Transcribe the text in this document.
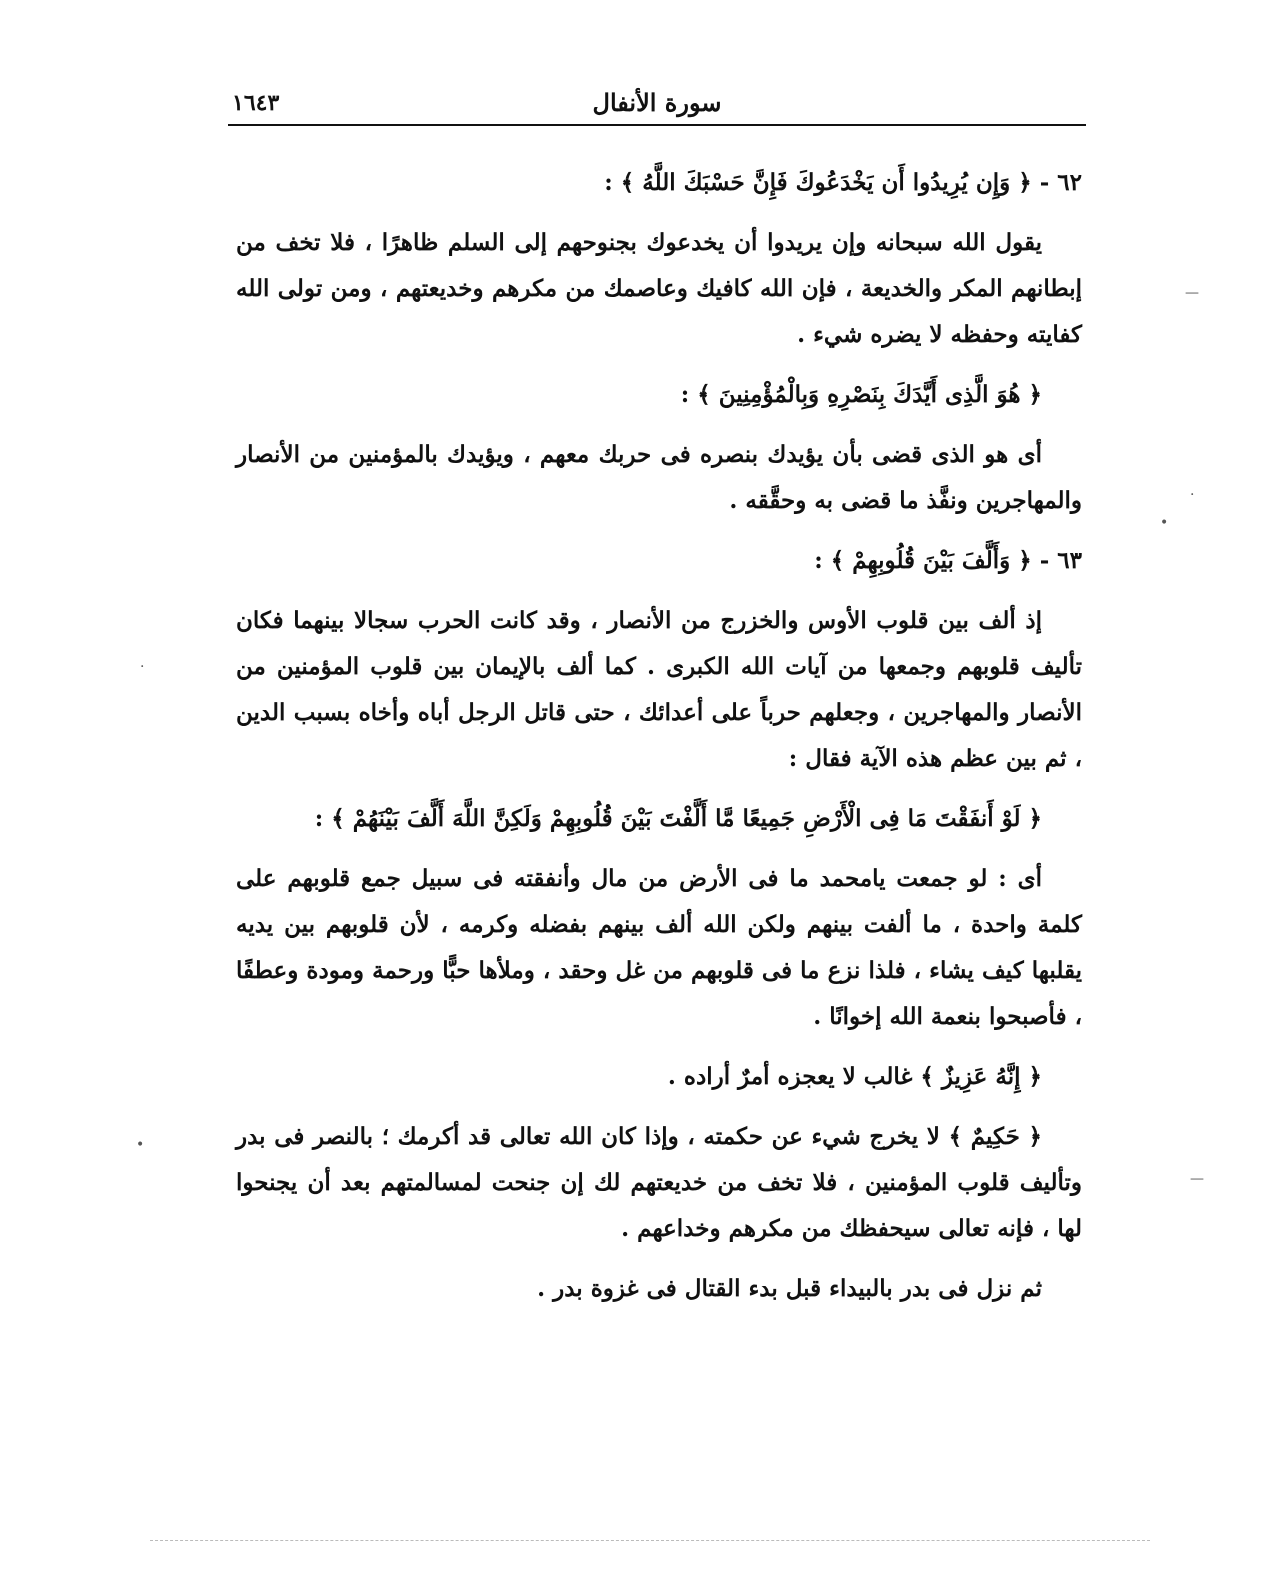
سورة الأنفال
١٦٤٣

٦٢ - ﴿ وَإِن يُرِيدُوا أَن يَخْدَعُوكَ فَإِنَّ حَسْبَكَ اللَّهُ ﴾ :

يقول الله سبحانه وإن يريدوا أن يخدعوك بجنوحهم إلى السلم ظاهرًا ، فلا تخف من إبطانهم المكر والخديعة ، فإن الله كافيك وعاصمك من مكرهم وخديعتهم ، ومن تولى الله كفايته وحفظه لا يضره شيء .

﴿ هُوَ الَّذِى أَيَّدَكَ بِنَصْرِهِ وَبِالْمُؤْمِنِينَ ﴾ :

أى هو الذى قضى بأن يؤيدك بنصره فى حربك معهم ، ويؤيدك بالمؤمنين من الأنصار والمهاجرين ونفَّذ ما قضى به وحقَّقه .

٦٣ - ﴿ وَأَلَّفَ بَيْنَ قُلُوبِهِمْ ﴾ :

إذ ألف بين قلوب الأوس والخزرج من الأنصار ، وقد كانت الحرب سجالا بينهما فكان تأليف قلوبهم وجمعها من آيات الله الكبرى . كما ألف بالإيمان بين قلوب المؤمنين من الأنصار والمهاجرين ، وجعلهم حرباً على أعدائك ، حتى قاتل الرجل أباه وأخاه بسبب الدين ، ثم بين عظم هذه الآية فقال :

﴿ لَوْ أَنفَقْتَ مَا فِى الْأَرْضِ جَمِيعًا مَّا أَلَّفْتَ بَيْنَ قُلُوبِهِمْ وَلَكِنَّ اللَّهَ أَلَّفَ بَيْنَهُمْ ﴾ :

أى : لو جمعت يامحمد ما فى الأرض من مال وأنفقته فى سبيل جمع قلوبهم على كلمة واحدة ، ما ألفت بينهم ولكن الله ألف بينهم بفضله وكرمه ، لأن قلوبهم بين يديه يقلبها كيف يشاء ، فلذا نزع ما فى قلوبهم من غل وحقد ، وملأها حبًّا ورحمة ومودة وعطفًا ، فأصبحوا بنعمة الله إخوانًا .

﴿ إِنَّهُ عَزِيزٌ ﴾ غالب لا يعجزه أمرٌ أراده .

﴿ حَكِيمٌ ﴾ لا يخرج شيء عن حكمته ، وإذا كان الله تعالى قد أكرمك ؛ بالنصر فى بدر وتأليف قلوب المؤمنين ، فلا تخف من خديعتهم لك إن جنحت لمسالمتهم بعد أن يجنحوا لها ، فإنه تعالى سيحفظك من مكرهم وخداعهم .

ثم نزل فى بدر بالبيداء قبل بدء القتال فى غزوة بدر .

—
·
•
·
•
—
